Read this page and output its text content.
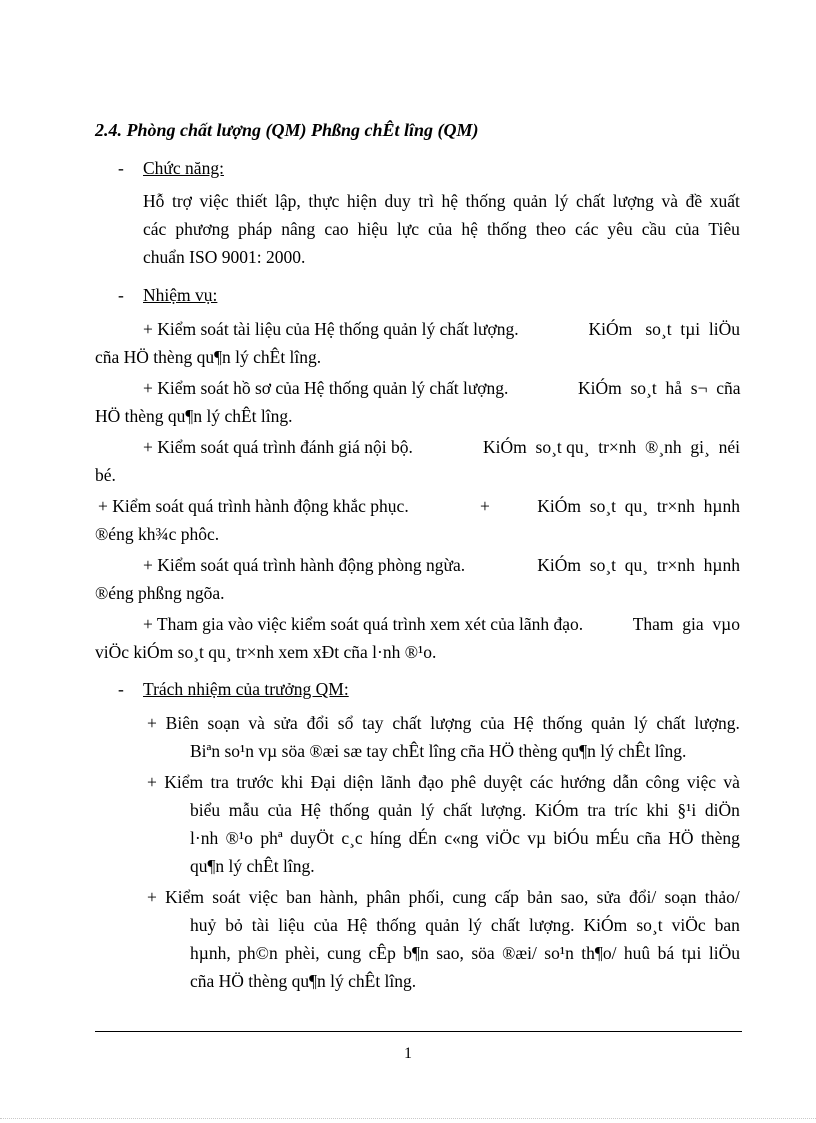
2.4. Phòng chất lượng (QM) Phßng chÊt lîng (QM)
- Chức năng:
Hỗ trợ việc thiết lập, thực hiện duy trì hệ thống quản lý chất lượng và đề xuất
các phương pháp nâng cao hiệu lực của hệ thống theo các yêu cầu của Tiêu
chuẩn ISO 9001: 2000.
- Nhiệm vụ:
+ Kiểm soát tài liệu của Hệ thống quản lý chất lượng.	KiÓm   so¸t  tµi  liÖu
cña HÖ thèng qu¶n lý chÊt lîng.
+ Kiểm soát hồ sơ của Hệ thống quản lý chất lượng.	KiÓm  so¸t  hå  s¬  cña
HÖ thèng qu¶n lý chÊt lîng.
+ Kiểm soát quá trình đánh giá nội bộ.	KiÓm  so¸t qu¸  tr×nh  ®¸nh  gi¸  néi
bé.
+ Kiểm soát quá trình hành động khắc phục.	+	KiÓm  so¸t  qu¸  tr×nh  hµnh
®éng kh¾c phôc.
+ Kiểm soát quá trình hành động phòng ngừa.	KiÓm  so¸t  qu¸  tr×nh  hµnh
®éng phßng ngõa.
+ Tham gia vào việc kiểm soát quá trình xem xét của lãnh đạo.	Tham  gia  vµo
viÖc kiÓm so¸t qu¸ tr×nh xem xÐt cña l·nh ®¹o.
- Trách nhiệm của trưởng QM:
+ Biên soạn và sửa đổi sổ tay chất lượng của Hệ thống quản lý chất lượng.
Biªn so¹n vµ söa ®æi sæ tay chÊt lîng cña HÖ thèng qu¶n lý chÊt lîng.
+ Kiểm tra trước khi Đại diện lãnh đạo phê duyệt các hướng dẫn công việc và
biểu mẫu của Hệ thống quản lý chất lượng. KiÓm tra tríc khi §¹i diÖn
l·nh ®¹o phª duyÖt c¸c híng dÉn c«ng viÖc vµ biÓu mÉu cña HÖ thèng
qu¶n lý chÊt lîng.
+ Kiểm soát việc ban hành, phân phối, cung cấp bản sao, sửa đổi/ soạn thảo/
huỷ bỏ tài liệu của Hệ thống quản lý chất lượng. KiÓm so¸t viÖc ban
hµnh, ph©n phèi, cung cÊp b¶n sao, söa ®æi/ so¹n th¶o/ huû bá tµi liÖu
cña HÖ thèng qu¶n lý chÊt lîng.
1
